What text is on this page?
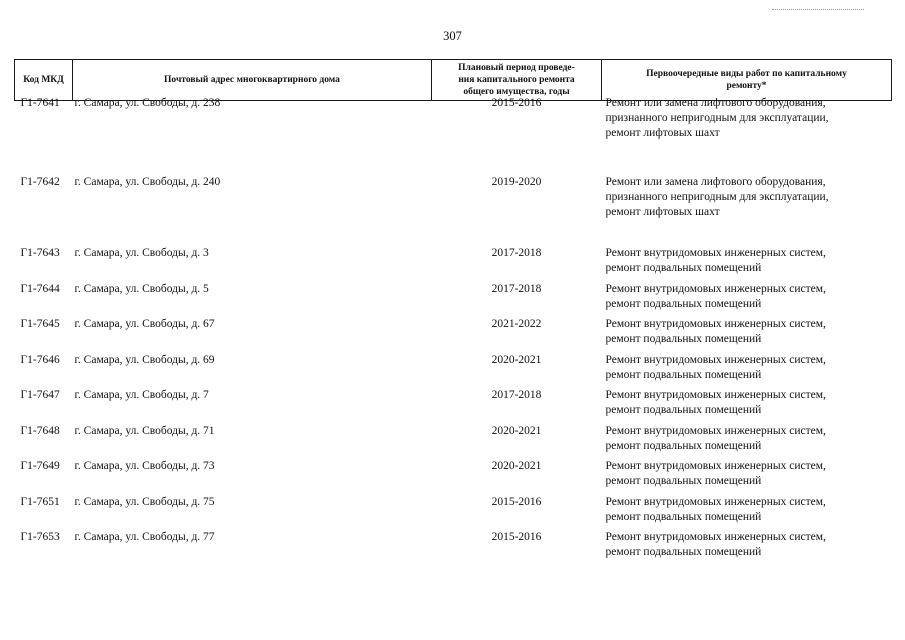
307
Код МКД	Почтовый адрес многоквартирного дома	Плановый период проведе-
ния капитального ремонта
общего имущества, годы	Первоочередные виды работ по капитальному
ремонту*

Г1-7641	г. Самара, ул. Свободы, д. 238	2015-2016	Ремонт или замена лифтового оборудования,
признанного непригодным для эксплуатации,
ремонт лифтовых шахт

Г1-7642	г. Самара, ул. Свободы, д. 240	2019-2020	Ремонт или замена лифтового оборудования,
признанного непригодным для эксплуатации,
ремонт лифтовых шахт

Г1-7643	г. Самара, ул. Свободы, д. 3	2017-2018	Ремонт внутридомовых инженерных систем,
ремонт подвальных помещений

Г1-7644	г. Самара, ул. Свободы, д. 5	2017-2018	Ремонт внутридомовых инженерных систем,
ремонт подвальных помещений

Г1-7645	г. Самара, ул. Свободы, д. 67	2021-2022	Ремонт внутридомовых инженерных систем,
ремонт подвальных помещений

Г1-7646	г. Самара, ул. Свободы, д. 69	2020-2021	Ремонт внутридомовых инженерных систем,
ремонт подвальных помещений

Г1-7647	г. Самара, ул. Свободы, д. 7	2017-2018	Ремонт внутридомовых инженерных систем,
ремонт подвальных помещений

Г1-7648	г. Самара, ул. Свободы, д. 71	2020-2021	Ремонт внутридомовых инженерных систем,
ремонт подвальных помещений

Г1-7649	г. Самара, ул. Свободы, д. 73	2020-2021	Ремонт внутридомовых инженерных систем,
ремонт подвальных помещений

Г1-7651	г. Самара, ул. Свободы, д. 75	2015-2016	Ремонт внутридомовых инженерных систем,
ремонт подвальных помещений

Г1-7653	г. Самара, ул. Свободы, д. 77	2015-2016	Ремонт внутридомовых инженерных систем,
ремонт подвальных помещений
